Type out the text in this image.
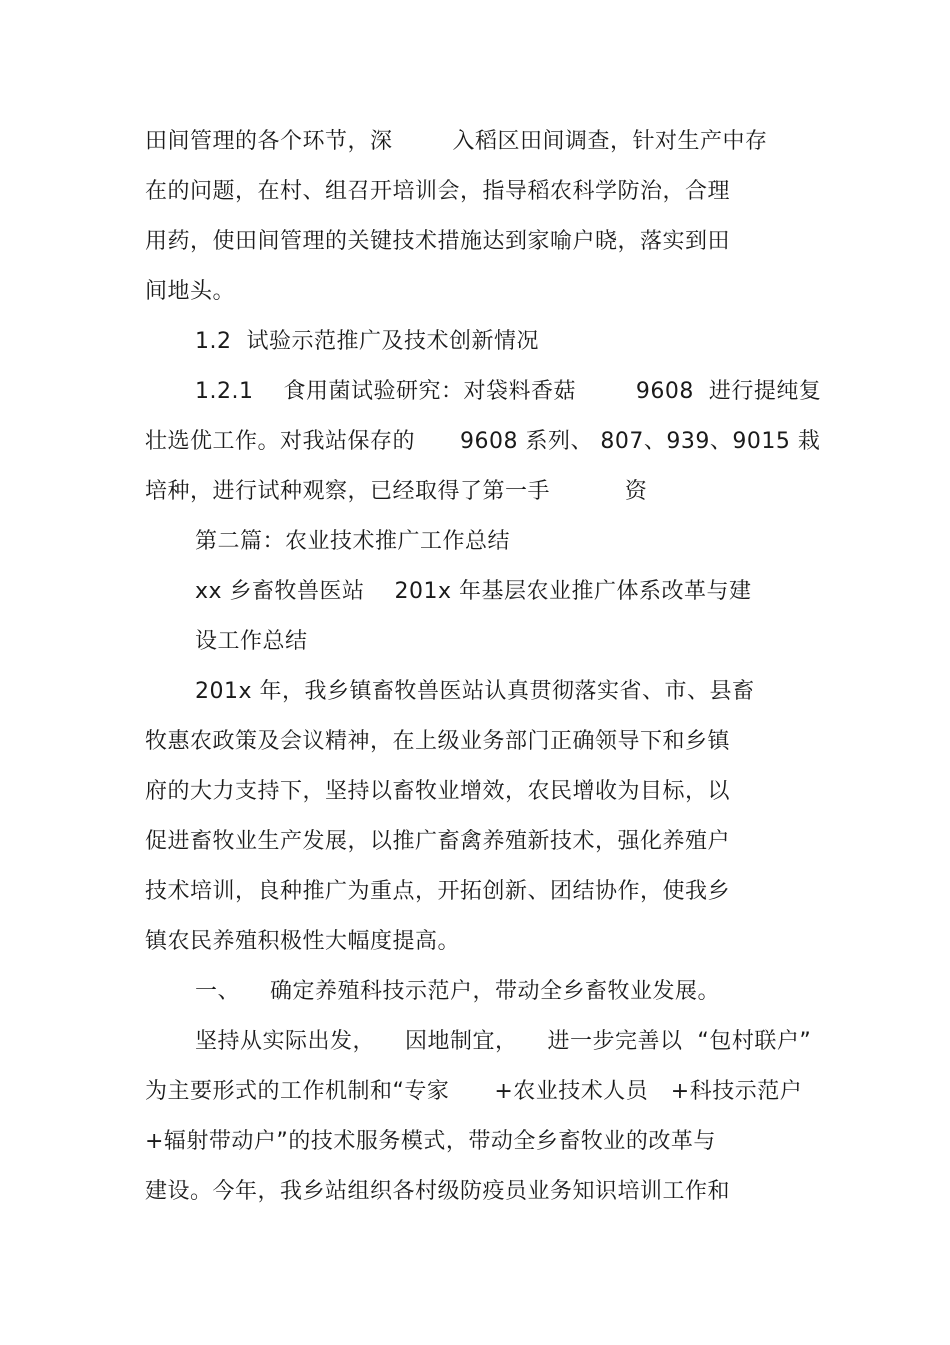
田间管理的各个环节，深        入稻区田间调查，针对生产中存
在的问题，在村、组召开培训会，指导稻农科学防治，合理
用药，使田间管理的关键技术措施达到家喻户晓，落实到田
间地头。
1.2  试验示范推广及技术创新情况
1.2.1    食用菌试验研究：对袋料香菇        9608  进行提纯复
壮选优工作。对我站保存的      9608 系列、 807、939、9015 栽
培种，进行试种观察，已经取得了第一手          资
第二篇：农业技术推广工作总结
xx 乡畜牧兽医站    201x 年基层农业推广体系改革与建
设工作总结
201x 年，我乡镇畜牧兽医站认真贯彻落实省、市、县畜
牧惠农政策及会议精神，在上级业务部门正确领导下和乡镇
府的大力支持下，坚持以畜牧业增效，农民增收为目标，以
促进畜牧业生产发展，以推广畜禽养殖新技术，强化养殖户
技术培训，良种推广为重点，开拓创新、团结协作，使我乡
镇农民养殖积极性大幅度提高。
一、    确定养殖科技示范户，带动全乡畜牧业发展。
坚持从实际出发，    因地制宜，    进一步完善以  “包村联户”
为主要形式的工作机制和“专家      +农业技术人员   +科技示范户
+辐射带动户”的技术服务模式，带动全乡畜牧业的改革与
建设。今年，我乡站组织各村级防疫员业务知识培训工作和
